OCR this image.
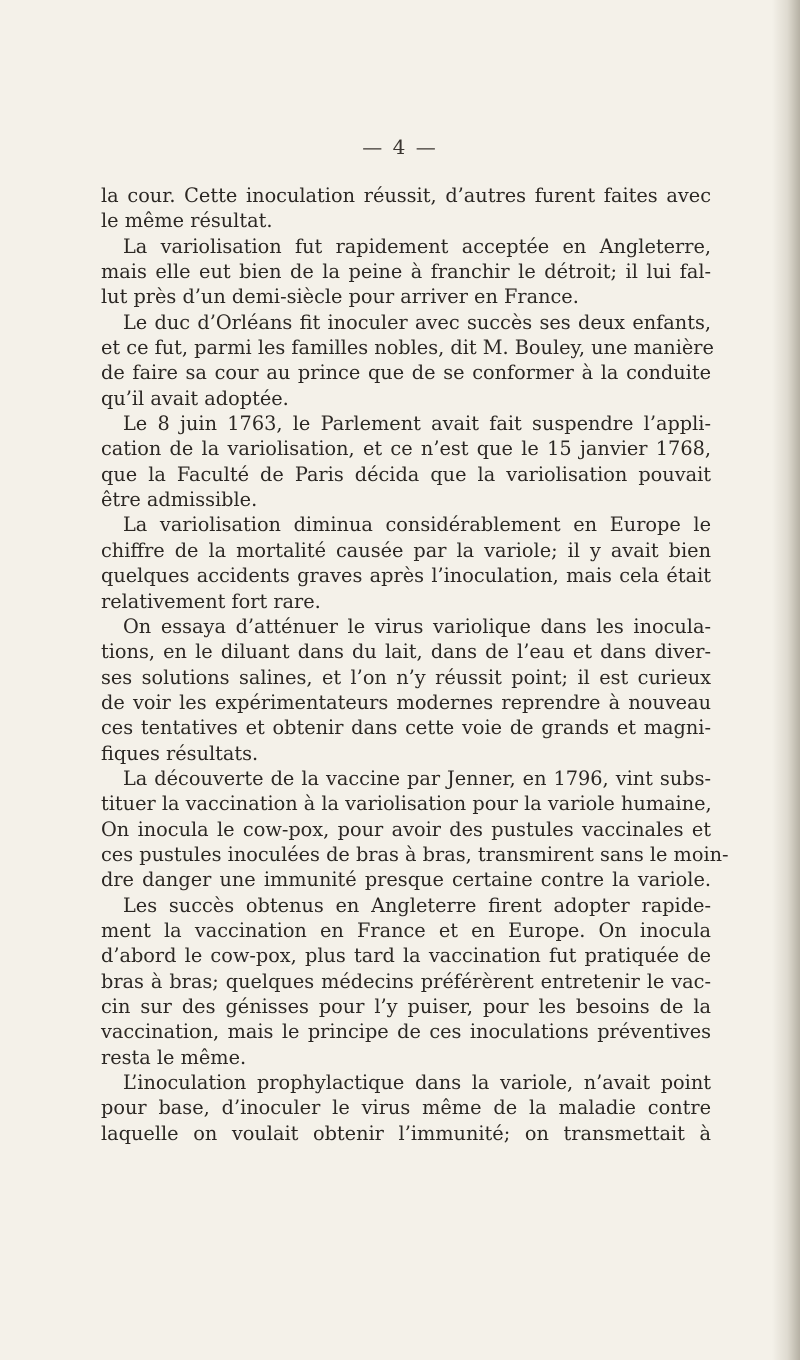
— 4 —
la cour. Cette inoculation réussit, d’autres furent faites avec
le même résultat.
La variolisation fut rapidement acceptée en Angleterre,
mais elle eut bien de la peine à franchir le détroit; il lui fal-
lut près d’un demi-siècle pour arriver en France.
Le duc d’Orléans fit inoculer avec succès ses deux enfants,
et ce fut, parmi les familles nobles, dit M. Bouley, une manière
de faire sa cour au prince que de se conformer à la conduite
qu’il avait adoptée.
Le 8 juin 1763, le Parlement avait fait suspendre l’appli-
cation de la variolisation, et ce n’est que le 15 janvier 1768,
que la Faculté de Paris décida que la variolisation pouvait
être admissible.
La variolisation diminua considérablement en Europe le
chiffre de la mortalité causée par la variole; il y avait bien
quelques accidents graves après l’inoculation, mais cela était
relativement fort rare.
On essaya d’atténuer le virus variolique dans les inocula-
tions, en le diluant dans du lait, dans de l’eau et dans diver-
ses solutions salines, et l’on n’y réussit point; il est curieux
de voir les expérimentateurs modernes reprendre à nouveau
ces tentatives et obtenir dans cette voie de grands et magni-
fiques résultats.
La découverte de la vaccine par Jenner, en 1796, vint subs-
tituer la vaccination à la variolisation pour la variole humaine,
On inocula le cow-pox, pour avoir des pustules vaccinales et
ces pustules inoculées de bras à bras, transmirent sans le moin-
dre danger une immunité presque certaine contre la variole.
Les succès obtenus en Angleterre firent adopter rapide-
ment la vaccination en France et en Europe. On inocula
d’abord le cow-pox, plus tard la vaccination fut pratiquée de
bras à bras; quelques médecins préférèrent entretenir le vac-
cin sur des génisses pour l’y puiser, pour les besoins de la
vaccination, mais le principe de ces inoculations préventives
resta le même.
L’inoculation prophylactique dans la variole, n’avait point
pour base, d’inoculer le virus même de la maladie contre
laquelle on voulait obtenir l’immunité; on transmettait à
